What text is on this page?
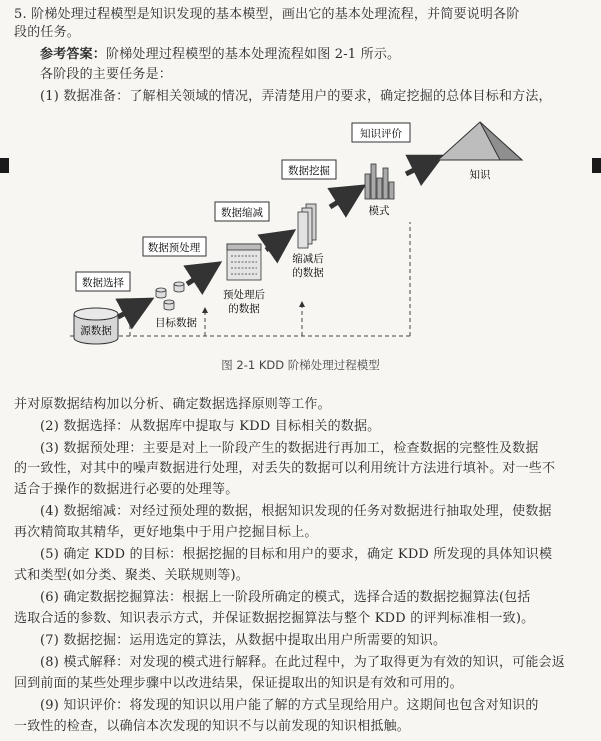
5. 阶梯处理过程模型是知识发现的基本模型，画出它的基本处理流程，并简要说明各阶
段的任务。
参考答案：阶梯处理过程模型的基本处理流程如图 2-1 所示。
各阶段的主要任务是：
(1) 数据准备：了解相关领域的情况，弄清楚用户的要求，确定挖掘的总体目标和方法，
数据选择
数据预处理
数据缩减
数据挖掘
知识评价
源数据
目标数据
预处理后
的数据
缩减后
的数据
模式
知识
图 2-1 KDD 阶梯处理过程模型
并对原数据结构加以分析、确定数据选择原则等工作。
(2) 数据选择：从数据库中提取与 KDD 目标相关的数据。
(3) 数据预处理：主要是对上一阶段产生的数据进行再加工，检查数据的完整性及数据
的一致性，对其中的噪声数据进行处理，对丢失的数据可以利用统计方法进行填补。对一些不
适合于操作的数据进行必要的处理等。
(4) 数据缩减：对经过预处理的数据，根据知识发现的任务对数据进行抽取处理，使数据
再次精简取其精华，更好地集中于用户挖掘目标上。
(5) 确定 KDD 的目标：根据挖掘的目标和用户的要求，确定 KDD 所发现的具体知识模
式和类型(如分类、聚类、关联规则等)。
(6) 确定数据挖掘算法：根据上一阶段所确定的模式，选择合适的数据挖掘算法(包括
选取合适的参数、知识表示方式，并保证数据挖掘算法与整个 KDD 的评判标准相一致)。
(7) 数据挖掘：运用选定的算法，从数据中提取出用户所需要的知识。
(8) 模式解释：对发现的模式进行解释。在此过程中，为了取得更为有效的知识，可能会返
回到前面的某些处理步骤中以改进结果，保证提取出的知识是有效和可用的。
(9) 知识评价：将发现的知识以用户能了解的方式呈现给用户。这期间也包含对知识的
一致性的检查，以确信本次发现的知识不与以前发现的知识相抵触。
